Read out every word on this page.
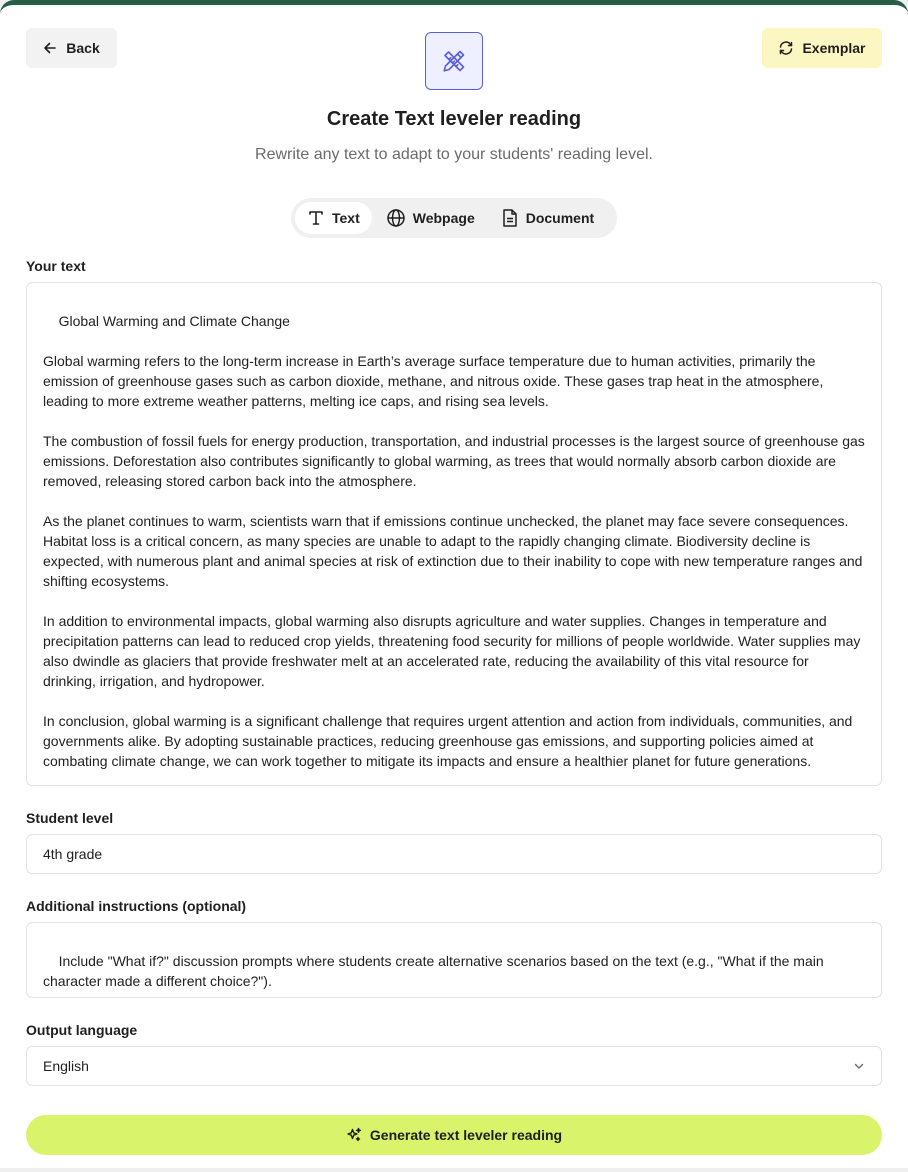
Back	Exemplar
Create Text leveler reading
Rewrite any text to adapt to your students' reading level.
Text	Webpage	Document
Your text

Global Warming and Climate Change

Global warming refers to the long-term increase in Earth’s average surface temperature due to human activities, primarily the emission of greenhouse gases such as carbon dioxide, methane, and nitrous oxide. These gases trap heat in the atmosphere, leading to more extreme weather patterns, melting ice caps, and rising sea levels.

The combustion of fossil fuels for energy production, transportation, and industrial processes is the largest source of greenhouse gas emissions. Deforestation also contributes significantly to global warming, as trees that would normally absorb carbon dioxide are removed, releasing stored carbon back into the atmosphere.

As the planet continues to warm, scientists warn that if emissions continue unchecked, the planet may face severe consequences. Habitat loss is a critical concern, as many species are unable to adapt to the rapidly changing climate. Biodiversity decline is expected, with numerous plant and animal species at risk of extinction due to their inability to cope with new temperature ranges and shifting ecosystems.

In addition to environmental impacts, global warming also disrupts agriculture and water supplies. Changes in temperature and precipitation patterns can lead to reduced crop yields, threatening food security for millions of people worldwide. Water supplies may also dwindle as glaciers that provide freshwater melt at an accelerated rate, reducing the availability of this vital resource for drinking, irrigation, and hydropower.

In conclusion, global warming is a significant challenge that requires urgent attention and action from individuals, communities, and governments alike. By adopting sustainable practices, reducing greenhouse gas emissions, and supporting policies aimed at combating climate change, we can work together to mitigate its impacts and ensure a healthier planet for future generations.

Student level
4th grade
Additional instructions (optional)

Include "What if?" discussion prompts where students create alternative scenarios based on the text (e.g., "What if the main character made a different choice?").

Output language
English
Generate text leveler reading
